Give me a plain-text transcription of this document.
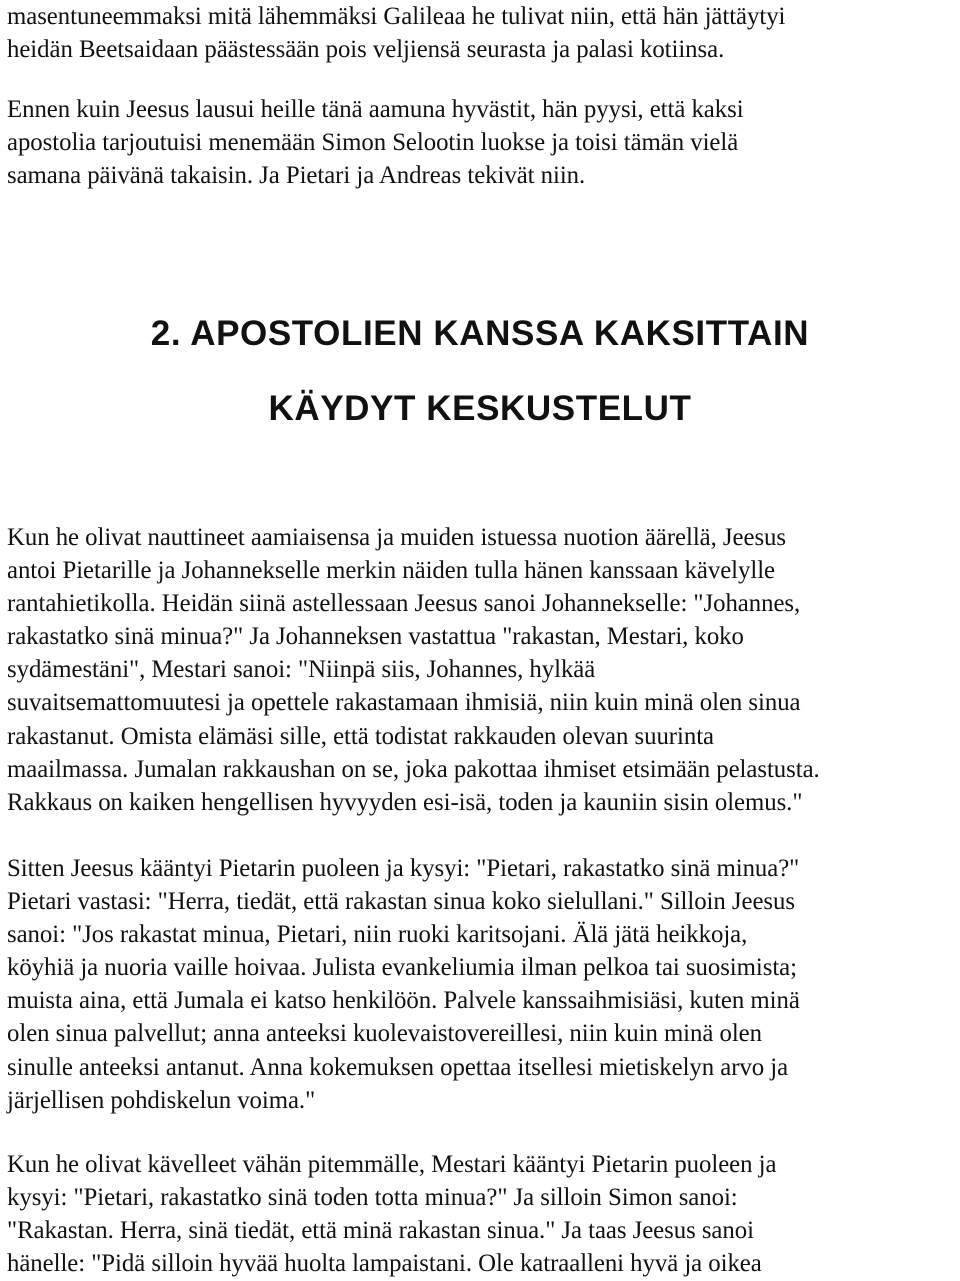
masentuneemmaksi mitä lähemmäksi Galileaa he tulivat niin, että hän jättäytyi
heidän Beetsaidaan päästessään pois veljiensä seurasta ja palasi kotiinsa.

Ennen kuin Jeesus lausui heille tänä aamuna hyvästit, hän pyysi, että kaksi
apostolia tarjoutuisi menemään Simon Selootin luokse ja toisi tämän vielä
samana päivänä takaisin. Ja Pietari ja Andreas tekivät niin.

2. APOSTOLIEN KANSSA KAKSITTAIN
KÄYDYT KESKUSTELUT

Kun he olivat nauttineet aamiaisensa ja muiden istuessa nuotion äärellä, Jeesus
antoi Pietarille ja Johannekselle merkin näiden tulla hänen kanssaan kävelylle
rantahietikolla. Heidän siinä astellessaan Jeesus sanoi Johannekselle: "Johannes,
rakastatko sinä minua?" Ja Johanneksen vastattua "rakastan, Mestari, koko
sydämestäni", Mestari sanoi: "Niinpä siis, Johannes, hylkää
suvaitsemattomuutesi ja opettele rakastamaan ihmisiä, niin kuin minä olen sinua
rakastanut. Omista elämäsi sille, että todistat rakkauden olevan suurinta
maailmassa. Jumalan rakkaushan on se, joka pakottaa ihmiset etsimään pelastusta.
Rakkaus on kaiken hengellisen hyvyyden esi-isä, toden ja kauniin sisin olemus."

Sitten Jeesus kääntyi Pietarin puoleen ja kysyi: "Pietari, rakastatko sinä minua?"
Pietari vastasi: "Herra, tiedät, että rakastan sinua koko sielullani." Silloin Jeesus
sanoi: "Jos rakastat minua, Pietari, niin ruoki karitsojani. Älä jätä heikkoja,
köyhiä ja nuoria vaille hoivaa. Julista evankeliumia ilman pelkoa tai suosimista;
muista aina, että Jumala ei katso henkilöön. Palvele kanssaihmisiäsi, kuten minä
olen sinua palvellut; anna anteeksi kuolevaistovereillesi, niin kuin minä olen
sinulle anteeksi antanut. Anna kokemuksen opettaa itsellesi mietiskelyn arvo ja
järjellisen pohdiskelun voima."

Kun he olivat kävelleet vähän pitemmälle, Mestari kääntyi Pietarin puoleen ja
kysyi: "Pietari, rakastatko sinä toden totta minua?" Ja silloin Simon sanoi:
"Rakastan. Herra, sinä tiedät, että minä rakastan sinua." Ja taas Jeesus sanoi
hänelle: "Pidä silloin hyvää huolta lampaistani. Ole katraalleni hyvä ja oikea
